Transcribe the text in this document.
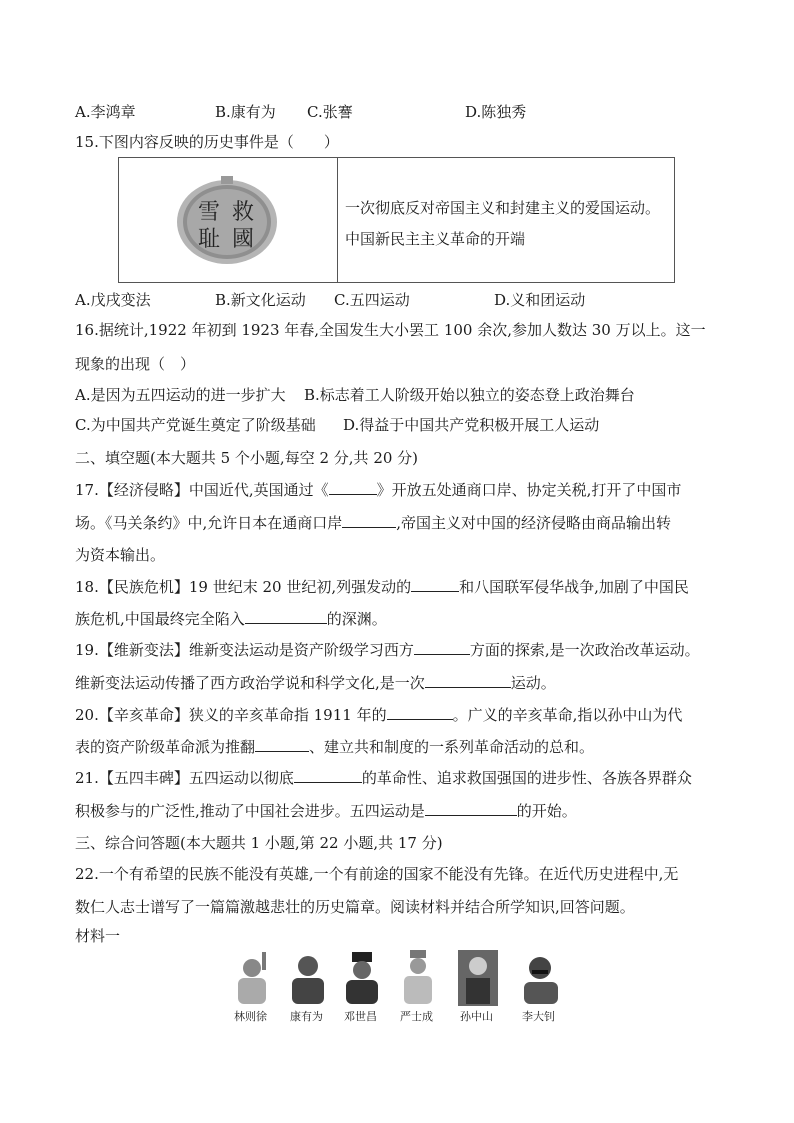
A.李鸿章	B.康有为 C.张謇	D.陈独秀
15.下图内容反映的历史事件是（　　）
雪 救
耻 國
一次彻底反对帝国主义和封建主义的爱国运动。
中国新民主主义革命的开端
A.戊戌变法	B.新文化运动 C.五四运动	D.义和团运动
16.据统计,1922 年初到 1923 年春,全国发生大小罢工 100 余次,参加人数达 30 万以上。这一
现象的出现（　）
A.是因为五四运动的进一步扩大 B.标志着工人阶级开始以独立的姿态登上政治舞台
C.为中国共产党诞生奠定了阶级基础 D.得益于中国共产党积极开展工人运动
二、填空题(本大题共 5 个小题,每空 2 分,共 20 分)
17.【经济侵略】中国近代,英国通过《	》开放五处通商口岸、协定关税,打开了中国市
场。《马关条约》中,允许日本在通商口岸	,帝国主义对中国的经济侵略由商品输出转
为资本输出。
18.【民族危机】19 世纪末 20 世纪初,列强发动的	和八国联军侵华战争,加剧了中国民
族危机,中国最终完全陷入	的深渊。
19.【维新变法】维新变法运动是资产阶级学习西方	方面的探索,是一次政治改革运动。
维新变法运动传播了西方政治学说和科学文化,是一次	运动。
20.【辛亥革命】狭义的辛亥革命指 1911 年的	。广义的辛亥革命,指以孙中山为代
表的资产阶级革命派为推翻	、建立共和制度的一系列革命活动的总和。
21.【五四丰碑】五四运动以彻底	的革命性、追求救国强国的进步性、各族各界群众
积极参与的广泛性,推动了中国社会进步。五四运动是	的开始。
三、综合问答题(本大题共 1 小题,第 22 小题,共 17 分)
22.一个有希望的民族不能没有英雄,一个有前途的国家不能没有先锋。在近代历史进程中,无
数仁人志士谱写了一篇篇激越悲壮的历史篇章。阅读材料并结合所学知识,回答问题。
材料一
林则徐 康有为 邓世昌 严士成 孙中山	李大钊
